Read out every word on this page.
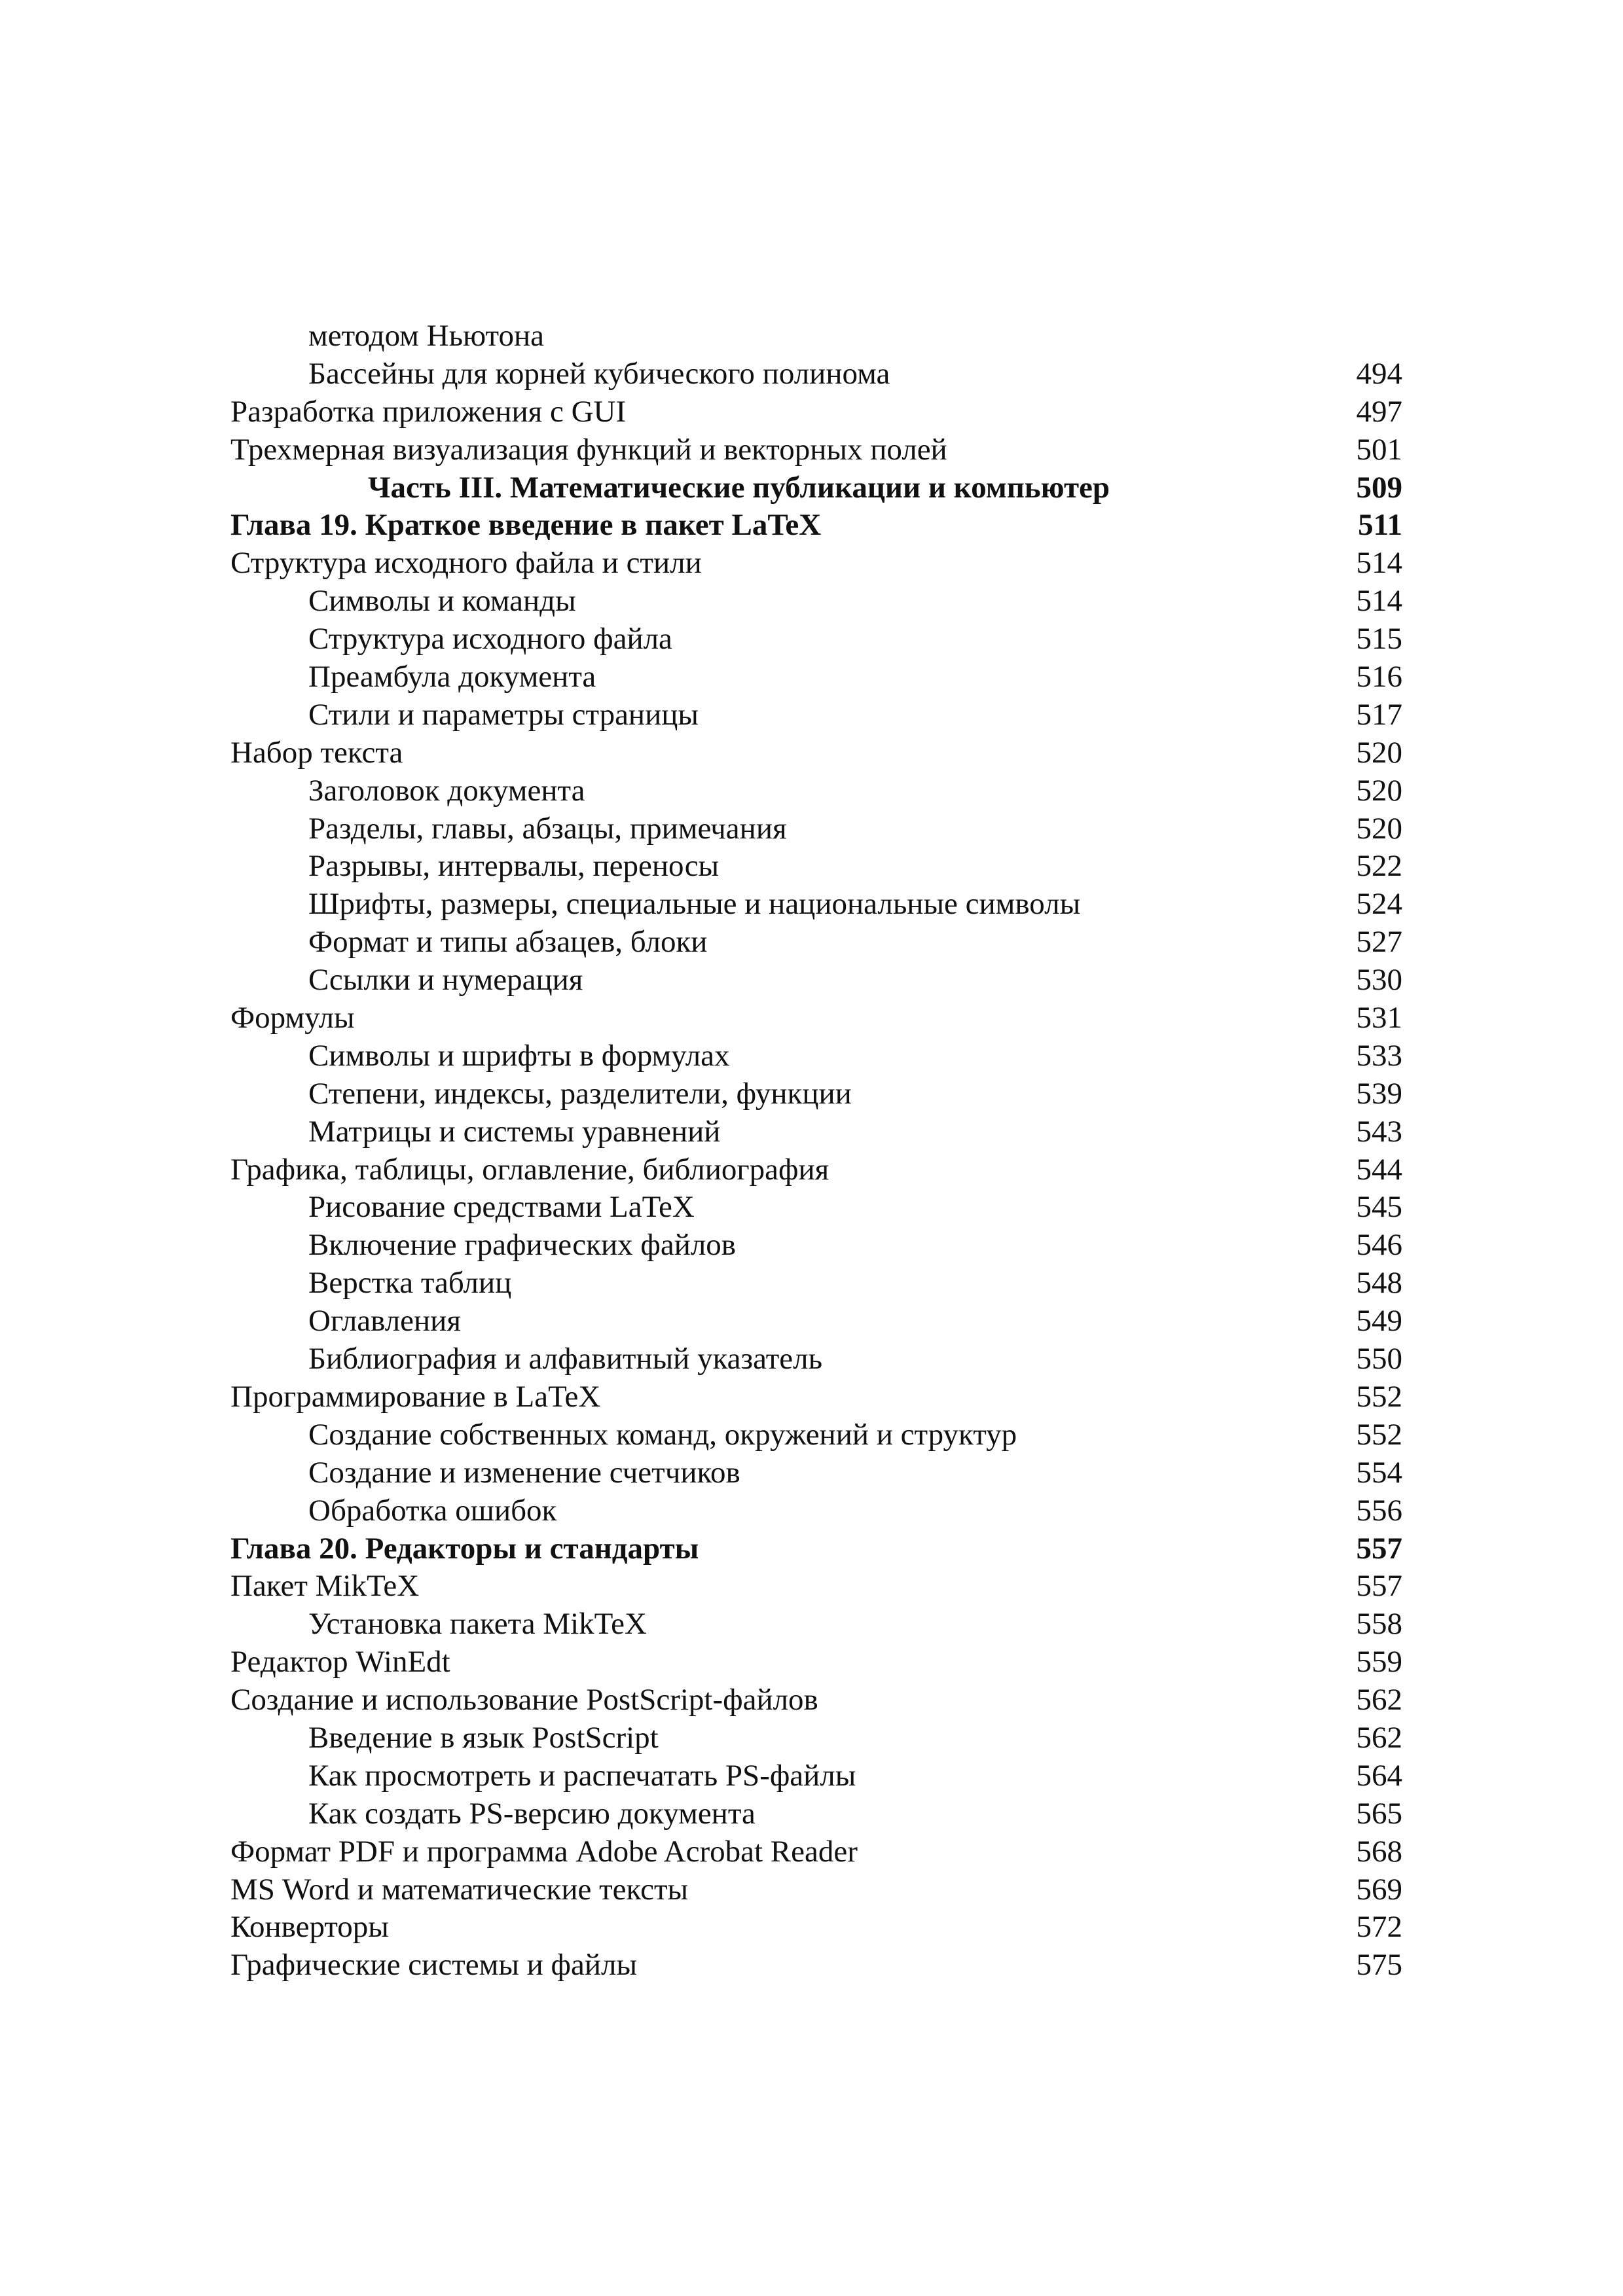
методом Ньютона
Бассейны для корней кубического полинома	494
Разработка приложения с GUI	497
Трехмерная визуализация функций и векторных полей	501
Часть III. Математические публикации и компьютер	509
Глава 19. Краткое введение в пакет LaTeX	511
Структура исходного файла и стили	514
Символы и команды	514
Структура исходного файла	515
Преамбула документа	516
Стили и параметры страницы	517
Набор текста	520
Заголовок документа	520
Разделы, главы, абзацы, примечания	520
Разрывы, интервалы, переносы	522
Шрифты, размеры, специальные и национальные символы	524
Формат и типы абзацев, блоки	527
Ссылки и нумерация	530
Формулы	531
Символы и шрифты в формулах	533
Степени, индексы, разделители, функции	539
Матрицы и системы уравнений	543
Графика, таблицы, оглавление, библиография	544
Рисование средствами LaTeX	545
Включение графических файлов	546
Верстка таблиц	548
Оглавления	549
Библиография и алфавитный указатель	550
Программирование в LaTeX	552
Создание собственных команд, окружений и структур	552
Создание и изменение счетчиков	554
Обработка ошибок	556
Глава 20. Редакторы и стандарты	557
Пакет MikTeX	557
Установка пакета MikTeX	558
Редактор WinEdt	559
Создание и использование PostScript-файлов	562
Введение в язык PostScript	562
Как просмотреть и распечатать PS-файлы	564
Как создать PS-версию документа	565
Формат PDF и программа Adobe Acrobat Reader	568
MS Word и математические тексты	569
Конверторы	572
Графические системы и файлы	575
